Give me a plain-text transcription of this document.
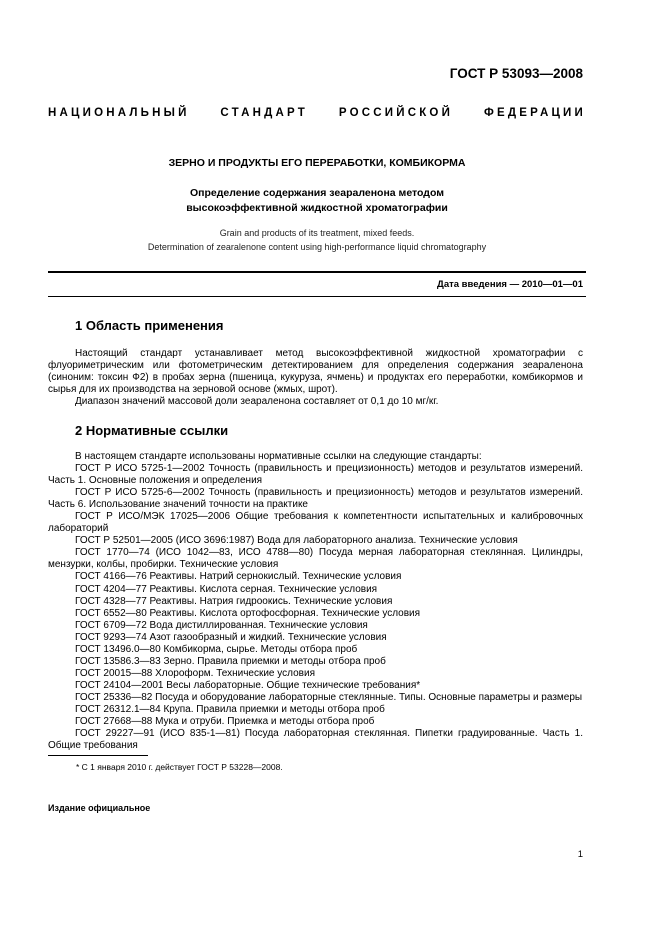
ГОСТ Р 53093—2008
НАЦИОНАЛЬНЫЙ СТАНДАРТ РОССИЙСКОЙ ФЕДЕРАЦИИ
ЗЕРНО И ПРОДУКТЫ ЕГО ПЕРЕРАБОТКИ, КОМБИКОРМА
Определение содержания зеараленона методом
высокоэффективной жидкостной хроматографии
Grain and products of its treatment, mixed feeds.
Determination of zearalenone content using high-performance liquid chromatography
Дата введения — 2010—01—01
1 Область применения

Настоящий стандарт устанавливает метод высокоэффективной жидкостной хроматографии с флуориметрическим или фотометрическим детектированием для определения содержания зеараленона (синоним: токсин Ф2) в пробах зерна (пшеница, кукуруза, ячмень) и продуктах его переработки, комбикормов и сырья для их производства на зерновой основе (жмых, шрот).

Диапазон значений массовой доли зеараленона составляет от 0,1 до 10 мг/кг.

2 Нормативные ссылки

В настоящем стандарте использованы нормативные ссылки на следующие стандарты:

ГОСТ Р ИСО 5725-1—2002 Точность (правильность и прецизионность) методов и результатов измерений. Часть 1. Основные положения и определения

ГОСТ Р ИСО 5725-6—2002 Точность (правильность и прецизионность) методов и результатов измерений. Часть 6. Использование значений точности на практике

ГОСТ Р ИСО/МЭК 17025—2006 Общие требования к компетентности испытательных и калибровочных лабораторий

ГОСТ Р 52501—2005 (ИСО 3696:1987) Вода для лабораторного анализа. Технические условия

ГОСТ 1770—74 (ИСО 1042—83, ИСО 4788—80) Посуда мерная лабораторная стеклянная. Цилиндры, мензурки, колбы, пробирки. Технические условия

ГОСТ 4166—76 Реактивы. Натрий сернокислый. Технические условия

ГОСТ 4204—77 Реактивы. Кислота серная. Технические условия

ГОСТ 4328—77 Реактивы. Натрия гидроокись. Технические условия

ГОСТ 6552—80 Реактивы. Кислота ортофосфорная. Технические условия

ГОСТ 6709—72 Вода дистиллированная. Технические условия

ГОСТ 9293—74 Азот газообразный и жидкий. Технические условия

ГОСТ 13496.0—80 Комбикорма, сырье. Методы отбора проб

ГОСТ 13586.3—83 Зерно. Правила приемки и методы отбора проб

ГОСТ 20015—88 Хлороформ. Технические условия

ГОСТ 24104—2001 Весы лабораторные. Общие технические требования*

ГОСТ 25336—82 Посуда и оборудование лабораторные стеклянные. Типы. Основные параметры и размеры

ГОСТ 26312.1—84 Крупа. Правила приемки и методы отбора проб

ГОСТ 27668—88 Мука и отруби. Приемка и методы отбора проб

ГОСТ 29227—91 (ИСО 835-1—81) Посуда лабораторная стеклянная. Пипетки градуированные. Часть 1. Общие требования

* С 1 января 2010 г. действует ГОСТ Р 53228—2008.
Издание официальное
1
